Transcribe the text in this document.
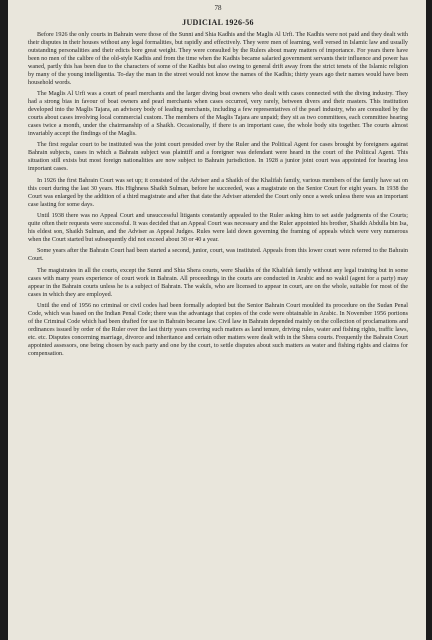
78
JUDICIAL 1926-56

Before 1926 the only courts in Bahrain were those of the Sunni and Shia Kadhis and the Maglis Al Urfi. The Kadhis were not paid and they dealt with their disputes in their houses without any legal formalities, but rapidly and effectively. They were men of learning, well versed in Islamic law and usually outstanding personalities and their edicts bore great weight. They were consulted by the Rulers about many matters of importance. For years there have been no men of the calibre of the old-style Kadhis and from the time when the Kadhis became salaried government servants their influence and power has waned, partly this has been due to the characters of some of the Kadhis but also owing to general drift away from the strict tenets of the Islamic religion by many of the young intelligentia. To-day the man in the street would not know the names of the Kadhis; thirty years ago their names would have been household words.

The Maglis Al Urfi was a court of pearl merchants and the larger diving boat owners who dealt with cases connected with the diving industry. They had a strong bias in favour of boat owners and pearl merchants when cases occurred, very rarely, between divers and their masters. This institution developed into the Maglis Tajara, an advisory body of leading merchants, including a few representatives of the pearl industry, who are consulted by the courts about cases involving local commercial custom. The members of the Maglis Tajara are unpaid; they sit as two committees, each committee hearing cases twice a month, under the chairmanship of a Shaikh. Occasionally, if there is an important case, the whole body sits together. The courts almost invariably accept the findings of the Maglis.

The first regular court to be instituted was the joint court presided over by the Ruler and the Political Agent for cases brought by foreigners against Bahrain subjects, cases in which a Bahrain subject was plaintiff and a foreigner was defendant were heard in the court of the Political Agent. This situation still exists but most foreign nationalities are now subject to Bahrain jurisdiction. In 1928 a junior joint court was appointed for hearing less important cases.

In 1926 the first Bahrain Court was set up; it consisted of the Adviser and a Shaikh of the Khalifah family, various members of the family have sat on this court during the last 30 years. His Highness Shaikh Sulman, before he succeeded, was a magistrate on the Senior Court for eight years. In 1938 the Court was enlarged by the addition of a third magistrate and after that date the Adviser attended the Court only once a week unless there was an important case lasting for some days.

Until 1938 there was no Appeal Court and unsuccessful litigants constantly appealed to the Ruler asking him to set aside judgments of the Courts; quite often their requests were successful. It was decided that an Appeal Court was necessary and the Ruler appointed his brother, Shaikh Abdulla bin Isa, his eldest son, Shaikh Sulman, and the Adviser as Appeal Judges. Rules were laid down governing the framing of appeals which were very numerous when the Court started but subsequently did not exceed about 30 or 40 a year.

Some years after the Bahrain Court had been started a second, junior, court, was instituted. Appeals from this lower court were referred to the Bahrain Court.

The magistrates in all the courts, except the Sunni and Shia Shera courts, were Shaikhs of the Khalifah family without any legal training but in some cases with many years experience of court work in Bahrain. All proceedings in the courts are conducted in Arabic and no wakil (agent for a party) may appear in the Bahrain courts unless he is a subject of Bahrain. The wakils, who are licensed to appear in court, are on the whole, suitable for most of the cases in which they are employed.

Until the end of 1956 no criminal or civil codes had been formally adopted but the Senior Bahrain Court moulded its procedure on the Sudan Penal Code, which was based on the Indian Penal Code; there was the advantage that copies of the code were obtainable in Arabic. In November 1956 portions of the Criminal Code which had been drafted for use in Bahrain became law. Civil law in Bahrain depended mainly on the collection of proclamations and ordinances issued by order of the Ruler over the last thirty years covering such matters as land tenure, driving rules, water and fishing rights, traffic laws, etc. etc. Disputes concerning marriage, divorce and inheritance and certain other matters were dealt with in the Shera courts. Frequently the Bahrain Court appointed assessors, one being chosen by each party and one by the court, to settle disputes about such matters as water and fishing rights and claims for compensation.
